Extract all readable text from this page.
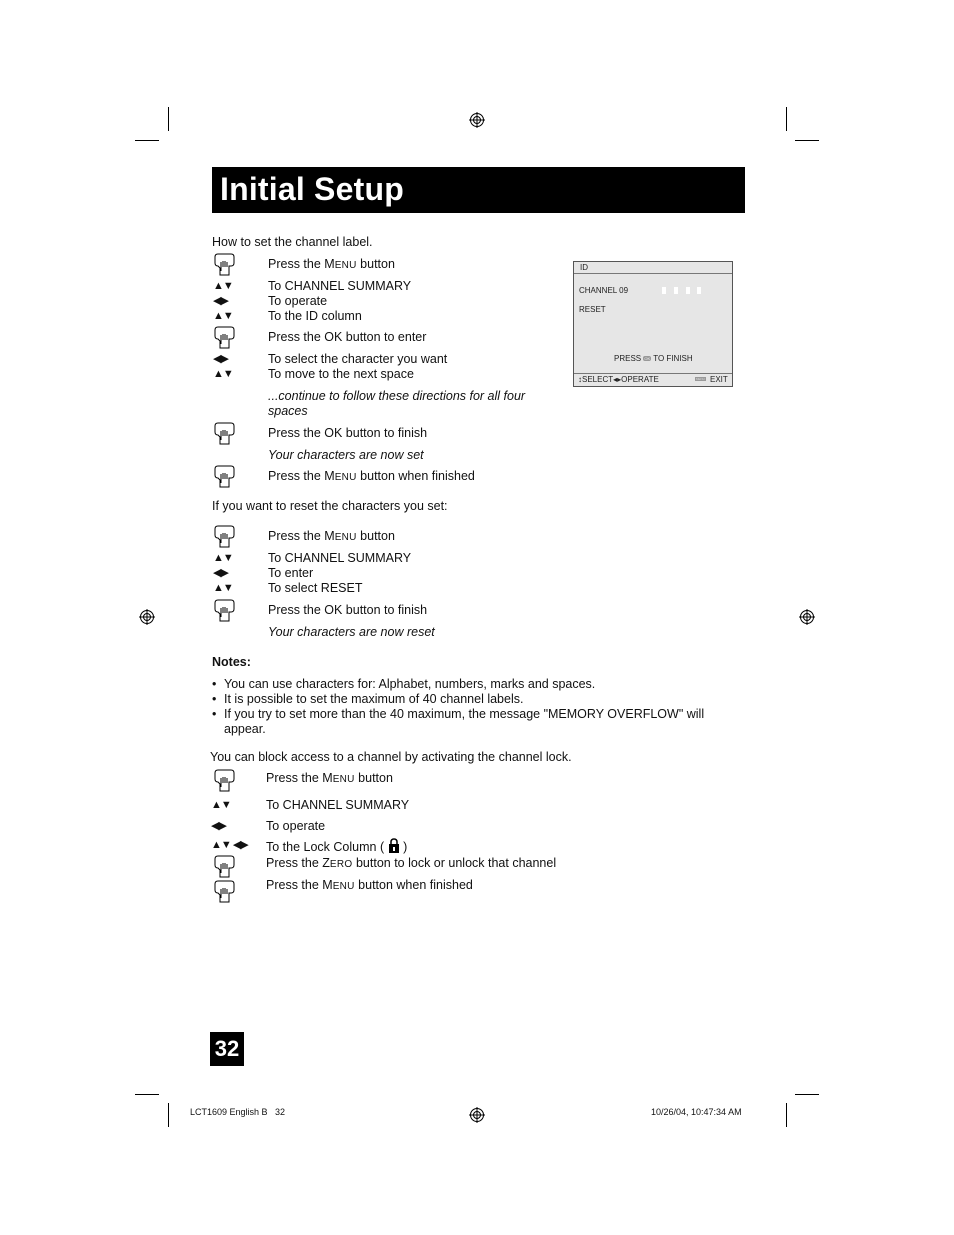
Initial Setup
How to set the channel label.
Press the MENU button
▲▼	To CHANNEL SUMMARY
◀▶	To operate
▲▼	To the ID column
Press the OK button to enter
◀▶	To select the character you want
▲▼	To move to the next space
...continue to follow these directions for all four
spaces
Press the OK button to finish
Your characters are now set
Press the MENU button when finished
ID
CHANNEL 09
RESET
PRESS OK TO FINISH
↕SELECT◂▸OPERATE	MENU EXIT
If you want to reset the characters you set:
Press the MENU button
▲▼	To CHANNEL SUMMARY
◀▶	To enter
▲▼	To select RESET
Press the OK button to finish
Your characters are now reset
Notes:
• You can use characters for: Alphabet, numbers, marks and spaces.
• It is possible to set the maximum of 40 channel labels.
• If you try to set more than the 40 maximum, the message "MEMORY OVERFLOW" will
appear.
You can block access to a channel by activating the channel lock.
Press the MENU button
▲▼	To CHANNEL SUMMARY
◀▶	To operate
▲▼ ◀▶ To the Lock Column ( )
Press the ZERO button to lock or unlock that channel
Press the MENU button when finished
32
LCT1609 English B   32	10/26/04, 10:47:34 AM
